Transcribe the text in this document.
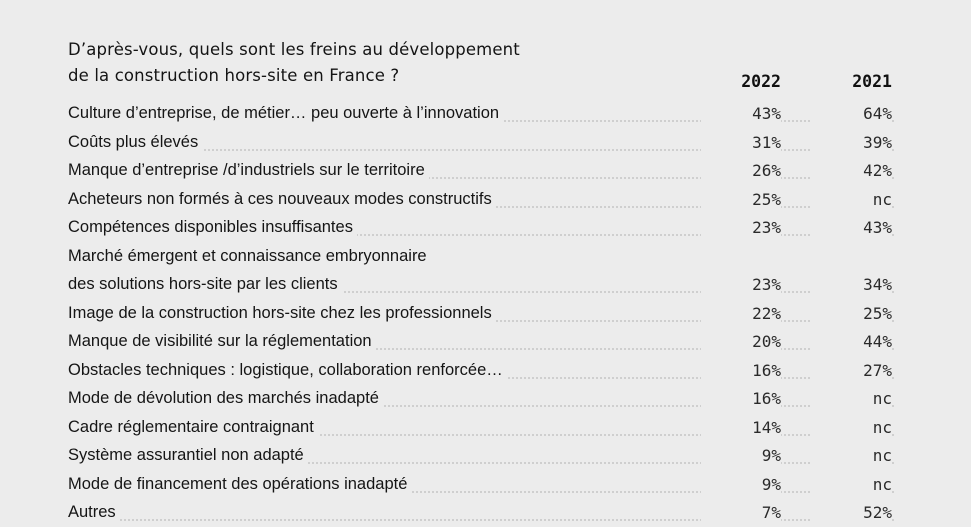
D’après-vous, quels sont les freins au développement
de la construction hors-site en France ?	2022	2021
Culture d’entreprise, de métier… peu ouverte à l’innovation	43%	64%
Coûts plus élevés	31%	39%
Manque d’entreprise /d’industriels sur le territoire	26%	42%
Acheteurs non formés à ces nouveaux modes constructifs	25%	nc
Compétences disponibles insuffisantes	23%	43%
Marché émergent et connaissance embryonnaire
des solutions hors-site par les clients	23%	34%
Image de la construction hors-site chez les professionnels	22%	25%
Manque de visibilité sur la réglementation	20%	44%
Obstacles techniques : logistique, collaboration renforcée…	16%	27%
Mode de dévolution des marchés inadapté	16%	nc
Cadre réglementaire contraignant	14%	nc
Système assurantiel non adapté	9%	nc
Mode de financement des opérations inadapté	9%	nc
Autres	7%	52%
